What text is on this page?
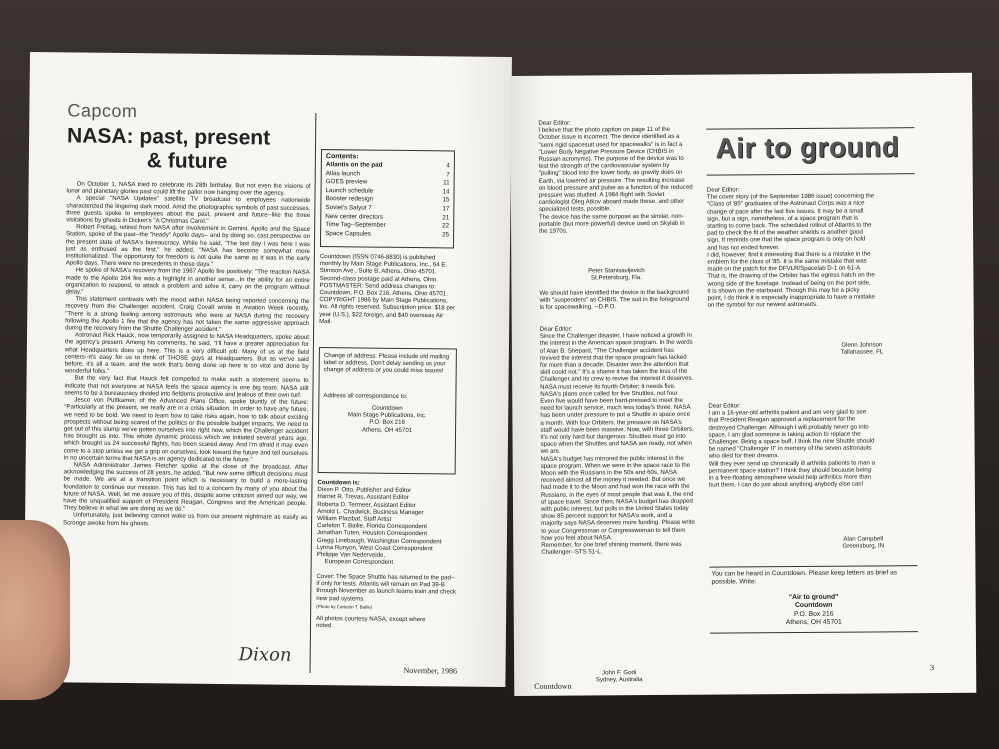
Capcom
NASA: past, present
& future

On October 1, NASA tried to celebrate its 28th birthday. But not even the visions of lunar and planetary glories past could lift the pallor now hanging over the agency.

A special "NASA Updates" satellite TV broadcast to employees nationwide characterized the lingering dark mood. Amid the photographic symbols of past successes, three guests spoke to employees about the past, present and future--like the three visitations by ghosts in Dicken's "A Christmas Carol."

Robert Freitag, retired from NASA after involvement in Gemini, Apollo and the Space Station, spoke of the past--the "heady" Apollo days-- and by doing so, cast perspective on the present state of NASA's bureaucracy. While he said, "The last day I was here I was just as enthused as the first," he added, "NASA has become somewhat more institutionalized. The opportunity for freedom is not quite the same as it was in the early Apollo days. There were no precedents in those days."

He spoke of NASA's recovery from the 1967 Apollo fire positively: "The reaction NASA made to the Apollo 204 fire was a highlight in another sense...In the ability for an entire organization to respond, to attack a problem and solve it, carry on the program without delay."

This statement contrasts with the mood within NASA being reported concerning the recovery from the Challenger accident. Craig Covalt wrote in Aviation Week recently, "There is a strong feeling among astronauts who were at NASA during the recovery following the Apollo 1 fire that the agency has not taken the same aggressive approach during the recovery from the Shuttle Challenger accident."

Astronaut Rick Hauck, now temporarily assigned to NASA Headquarters, spoke about the agency's present. Among his comments, he said, "I'll have a greater appreciation for what Headquarters does up here. This is a very difficult job. Many of us at the field centers--it's easy for us to think of THOSE guys at Headquarters. But as we've said before, it's all a team, and the work that's being done up here is so vital and done by wonderful folks."

But the very fact that Hauck felt compelled to make such a statement seems to indicate that not everyone at NASA feels the space agency is one big team. NASA still seems to be a bureaucracy divided into fiefdoms protective and jealous of their own turf.

Jesco von Puttkamer, of the Advanced Plans Office, spoke bluntly of the future: "Particularly at the present, we really are in a crisis situation. In order to have any future, we need to be bold. We need to learn how to take risks again, how to talk about exciting prospects without being scared of the politics or the possible budget impacts. We need to get out of this slump we've gotten ourselves into right now, which the Challenger accident has brought us into. This whole dynamic process which we initiated several years ago, which brought us 24 successful flights, has been scared away. And I'm afraid it may even come to a stop unless we get a grip on ourselves, look toward the future and tell ourselves in no uncertain terms that NASA is an agency dedicated to the future."

NASA Administrator James Fletcher spoke at the close of the broadcast. After acknowledging the success of 28 years, he added, "But now some difficult decisions must be made. We are at a transition point which is necessary to build a more-lasting foundation to continue our mission. This has led to a concern by many of you about the future of NASA. Well, let me assure you of this, despite some criticism aimed our way, we have the unqualified support of President Reagan, Congress and the American people. They believe in what we are doing as we do."

Unfortunately, just believing cannot wake us from our present nightmare as easily as Scrooge awoke from his ghosts.

Dixon
Contents:
Atlantis on the pad	4
Atlas launch	7
GOES preview	11
Launch schedule	14
Booster redesign	15
Soviet's Salyut 7	17
New center directors	21
Time Tag--September	22
Space Capsules	25
Countdown (ISSN 0746-8830) is published monthly by Main Stage Publications, Inc., 64 E. Stimson Ave., Suite B, Athens, Ohio 45701. Second-class postage paid at Athens, Ohio. POSTMASTER: Send address changes to: Countdown, P.O. Box 216, Athens, Ohio 45701. COPYRIGHT 1986 by Main Stage Publications, Inc. All rights reserved. Subscription price: $18 per year (U.S.), $22 foreign, and $40 overseas Air Mail.
Change of address: Please include old mailing label or address. Don't delay sending us your change of address or you could miss issues!
Address all correspondence to:
Countdown
Main Stage Publications, Inc.
P.O. Box 216
Athens, OH 45701
Countdown is:
Dixon P. Otto, Publisher and Editor
Harriet R. Trevas, Assistant Editor
Roberta D. Termeer, Assistant Editor
Arnold L. Chadwick, Business Manager
William Plazibat, Staff Artist
Carleton T. Bailie, Florida Correspondent
Jonathan Tuten, Houston Correspondent
Gregg Linebaugh, Washington Correspondent
Lynna Runyon, West Coast Correspondent
Philippe Van Nederveide,
European Correspondent
Cover: The Space Shuttle has returned to the pad--if only for tests. Atlantis will remain on Pad 39-B through November as launch teams train and check new pad systems.
(Photo by Carleton T. Bailie)
All photos courtesy NASA, except where noted.
November, 1986
Dear Editor:
I believe that the photo caption on page 11 of the October issue is incorrect. The device identified as a "semi rigid spacesuit used for spacewalks" is in fact a "Lower Body Negative Pressure Device (CHBIS in Russian acronyms). The purpose of the device was to test the strength of the cardiovascular system by "pulling" blood into the lower body, as gravity does on Earth, via lowered air pressure. The resulting increase on blood pressure and pulse as a function of the reduced pressure was studied. A 1984 flight with Soviet cardiologist Oleg Atkov aboard made these, and other specialized tests, possible.
The device has the same purpose as the similar, non-portable (but more powerful) device used on Skylab in the 1970s.
Peter Stanisavljevich
St.Petersburg, Fla.
We should have identified the device in the background with "suspenders" as CHBIS. The suit in the foreground is for spacewalking. --D.P.O.
Dear Editor:
Since the Challenger disaster, I have noticed a growth in the interest in the American space program. In the words of Alan B. Shepard, "The Challenger accident has revived the interest that the space program has lacked for more than a decade. Disaster won the attention that skill could not." It's a shame it has taken the loss of the Challenger and its crew to revive the interest it deserves.
NASA must receive its fourth Orbiter; it needs five. NASA's plans once called for five Shuttles, not four. Even five would have been hard-pressed to meet the need for launch service, much less today's three. NASA has been under pressure to put a Shuttle in space once a month. With four Orbiters, the pressure on NASA's staff would have been massive. Now, with three Orbiters, it's not only hard but dangerous. Shuttles must go into space when the Shuttles and NASA are ready, not when we are.
NASA's budget has mirrored the public interest in the space program. When we were in the space race to the Moon with the Russians in the 50s and 60s, NASA received almost all the money it needed. But once we had made it to the Moon and had won the race with the Russians, in the eyes of most people that was it, the end of space travel. Since then, NASA's budget has dropped with public interest, but polls in the United States today show 85 percent support for NASA's work, and a majority says NASA deserves more funding. Please write to your Congressman or Congresswoman to tell them how you feel about NASA.
Remember, for one brief shining moment, there was Challenger--STS 51-L.
John F. Godi
Sydney, Australia
Countdown
Air to ground
Dear Editor:
The cover story (of the September 1986 issue) concerning the "Class of '85" graduates of the Astronaut Corps was a nice change of pace after the last five issues. It may be a small sign, but a sign, nonetheless, of a space program that is starting to come back. The scheduled rollout of Atlantis to the pad to check the fit of the weather shields is another good sign. It reminds one that the space program is only on hold and has not ended forever.
I did, however, find it interesting that there is a mistake in the emblem for the class of '85. It is the same mistake that was made on the patch for the DFVLR/Spacelab D-1 on 61-A. That is, the drawing of the Orbiter has the egress hatch on the wrong side of the fuselage. Instead of being on the port side, it is shown on the starboard. Though this may be a picky point, I do think it is especially inappropriate to have a mistake on the symbol for our newest astronauts.
Glenn Johnson
Tallahassee, FL
Dear Editor:
I am a 16-year-old arthritis patient and am very glad to see that President Reagan approved a replacement for the destroyed Challenger. Although I will probably never go into space, I am glad someone is taking action to replace the Challenger. Being a space buff, I think the new Shuttle should be named "Challenger II" in memory of the seven astronauts who died for their dreams.
Will they ever send up chronically ill arthritis patients to man a permanent space station? I think they should because being in a free-floating atmosphere would help arthritics more than hurt them. I can do just about anything anybody else can!
Alan Campbell
Greensburg, IN
You can be heard in Countdown. Please keep letters as brief as possible. Write:
"Air to ground"
Countdown
P.O. Box 216
Athens, OH 45701
3
